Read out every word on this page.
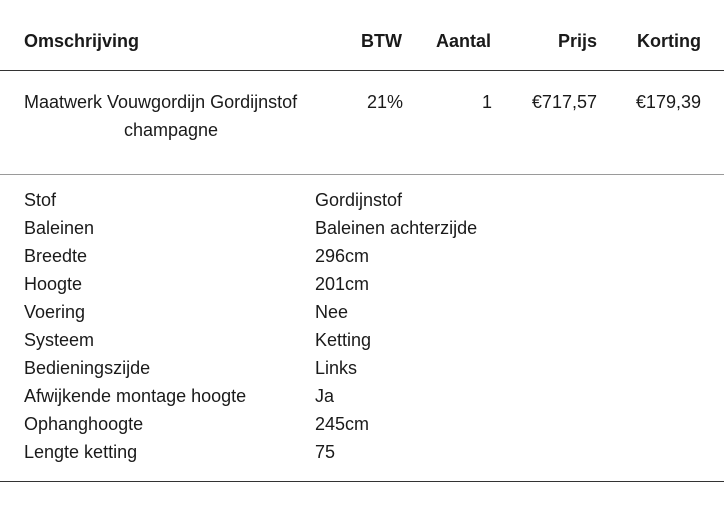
Omschrijving	BTW Aantal	Prijs Korting
Maatwerk Vouwgordijn Gordijnstof
champagne
21%	1 €717,57 €179,39
Stof	Gordijnstof
Baleinen	Baleinen achterzijde
Breedte	296cm
Hoogte	201cm
Voering	Nee
Systeem	Ketting
Bedieningszijde	Links
Afwijkende montage hoogte	Ja
Ophanghoogte	245cm
Lengte ketting	75
